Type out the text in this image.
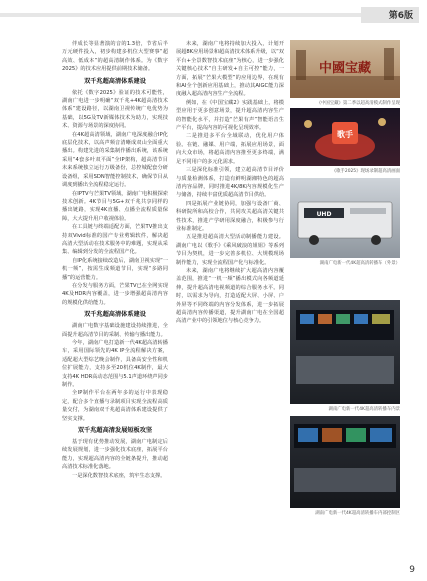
第6版

伴成长等显著演的音的1.3倍，节省后半万元硬件投入，初步构建多机位大型赛事“超高效、低成本”的超高清制作体系。为《数字2025》的技术应用提供前期技术储备。

双千兆超高清体系建设

依托《数字2025》验证的技术可能性，湖南广电进一步明确“双千兆+4K超高清技术体系”建设路径，以湖南卫视传统广电优势为基础，以5G及TV新媒体技术为助力，实现技术、资源与场景的深度协同。

在4K超高清领域，湖南广电深度融合IP化底层化技术，以高声频音清晰成双山全面重大播出。构建先进的采集制作播出系统，该系统采用“4套多叶双平面”全IP架构，超高清节目未来系统独立运行万级备份，总控城配套分研设备组，采用SDN智能控制技术，确保节目从调度到播出全流程稳定运行。

在IPTV与芒果TV领域，湖南广电积极探索技术创新。4K节目与5G+双千兆共享同样的播出链路，实现4K直播、点播全流程质量保障，大大提升用户收视体验。

在工具链与终端适配方面，芒果TV推出支持双Vivid标准的国产专业剪辑软件，解决超高清大型活动在技术服务中的难题，实现从采集、编辑到分发的全流程国产化。

自IP化系统接续改造后，湖南卫视实现“一机一频”，按需生成频道节目，实现“多路同播”的运营能力。

在分发与服务方面，芒果TV已在全网实现4K及HDR内容覆盖，进一步增强超高清内容的规模化供给能力。

双千兆超高清体系建设

湖南广电数字基础设施建设持续推进，全面提升超高清节目的采制、传输与播出能力。

今年，湖南广电打造新一代4K超高清转播车，采用国际领先的4K IP全流程解决方案，适配超大型综艺晚会制作，具备高安全性和机位扩展能力，支持多至20机位4K制作，最大支持4K HDR高动态范围与5.1声道环绕声同步制作。

全IP制作平台在两年多的运行中表现稳定，配合多个直播与录制项目实现全流程高质量交付，为湖南双千兆超高清体系建设提供了坚实支撑。

双千兆超高清发展短板攻坚

基于现有优势推动发展，湖南广电制定后续发展规划，进一步强化技术底座，拓展平台能力，实现超高清内容的全链条提升，推动超高清技术标准化落地。

一是深化数智技术底座，筑牢生态支撑。

未来，湖南广电将持续加大投入，计划开展超8K应用场景和超高清技术体系升级，以“双平台+全景数智技术底座”为核心，进一步强化关键核心技术“自主研发+自主可控”能力，一方面，拓展“芒果大模型”的应用边界，在现有和AI全个创新应用基础上，推动其AIGC能力深度融入超高清内容生产全流程。

例如，在《中国宝藏2》实践基础上，将模型应用于更多创意场景，提升超高清内容生产的智能化水平，并打造“芒果有声”智能语音生产平台，提高内容的可视化呈现效率。

二是推进多平台全域联动，优化用户体验。在链、融媒、用户端，拓展应用场景，面向大众市场，将超高清内容推至更多终端，满足不同用户的多元化需求。

三是深化标准引领，建立超高清节目评价与质量检测体系，打造有鲜明湖湘特色的超高清内容品牌，同时推进4K/8K内容规模化生产与储备，持续丰富优质超高清节目供给。

四是拓展产业链协同，加强与设备厂商、科研院所和高校合作，共同攻关超高清关键共性技术，推进产学研用深度融合，积极参与行业标准制定。

五是推进超高清大型活动制播能力建设。湖南广电以《歌手》《乘风破浪的姐姐》等系列节目为契机，进一步完善多机位、大规模现场制作能力，实现全流程国产化与标准化。

未来，湖南广电将继续扩大超高清内容覆盖范围，推进“一机一频”播出模式向各频道延伸，提升超高清电视频道的综合服务水平。同时，以需求为导向，打造适配大屏、小屏、户外屏等不同终端的内容分发体系，进一步拓展超高清内容传播渠道，提升湖南广电在全国超高清产业中的引领地位与核心竞争力。

中國宝藏
《中国宝藏》第二季以超高清模式制作呈现
歌手
《歌手2025》现场录制超高清画面
UHD
湖南广电新一代4K超高清转播车（外景）
湖南广电新一代4K超高清转播车内景
湖南广电新一代4K超高清转播车内部控制区
9
